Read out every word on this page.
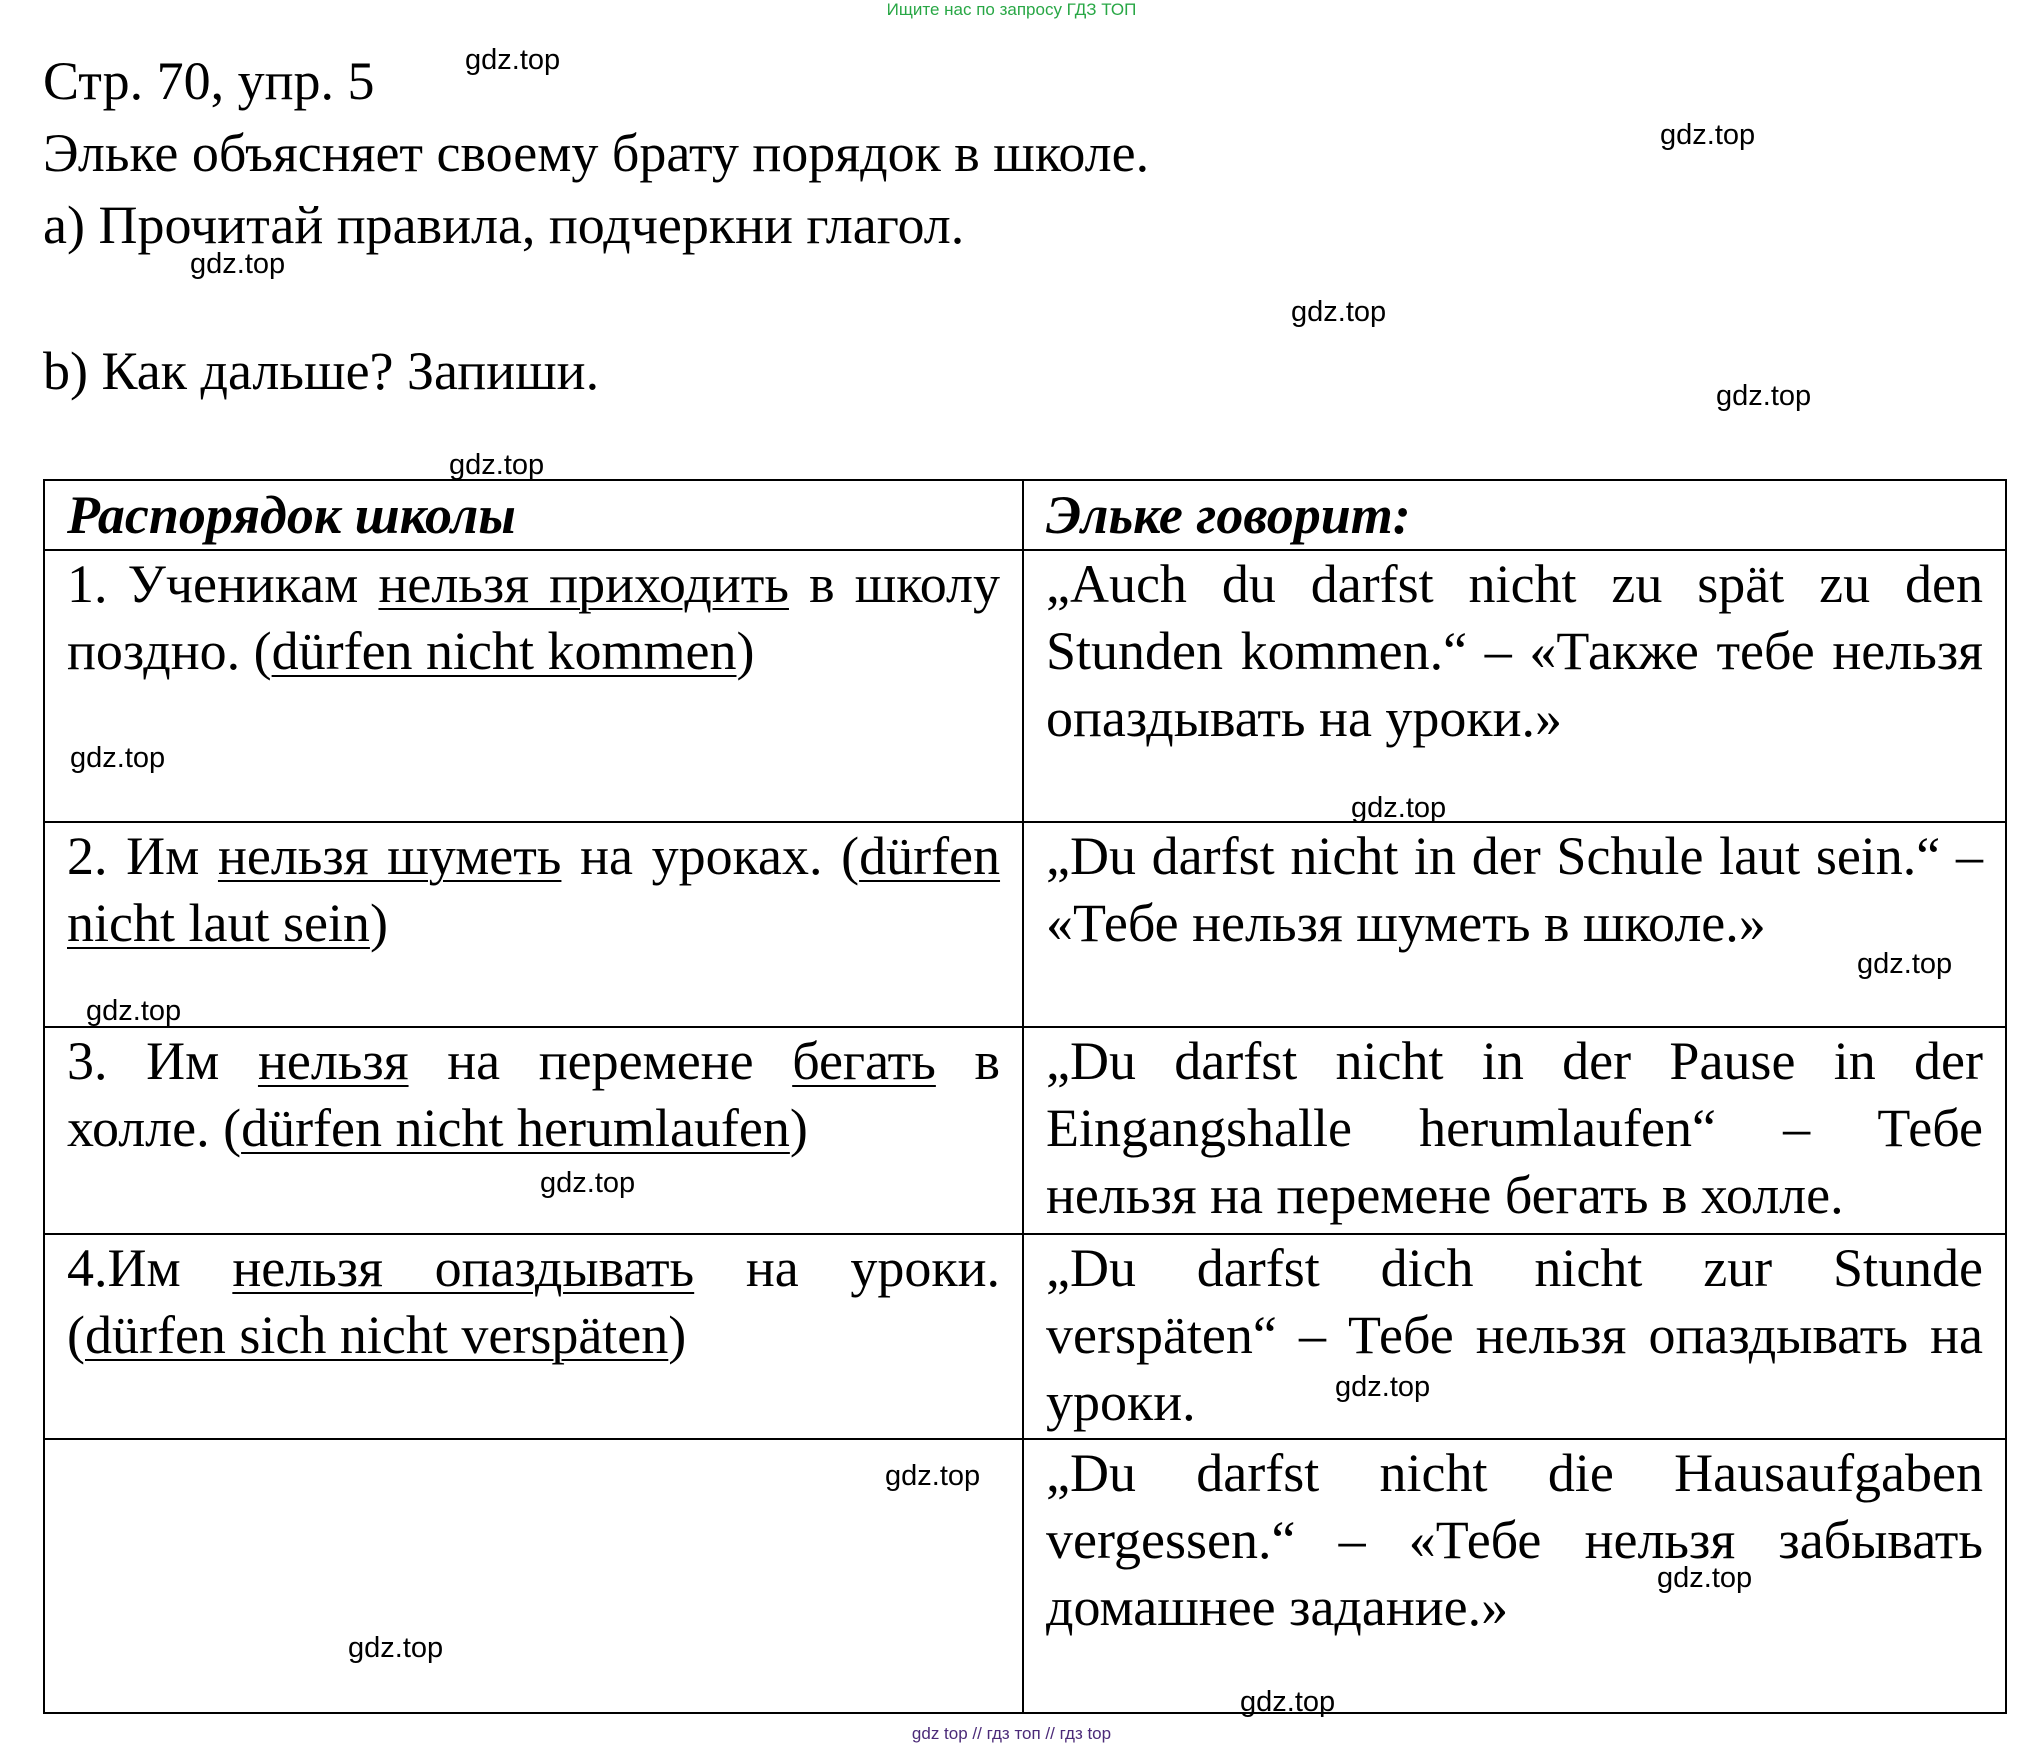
Ищите нас по запросу ГДЗ ТОП
Стр. 70, упр. 5
Эльке объясняет своему брату порядок в школе.
a) Прочитай правила, подчеркни глагол.
b) Как дальше? Запиши.
Распорядок школы	Эльке говорит:
1. Ученикам нельзя приходить в школу поздно. (dürfen nicht kommen)	„Auch du darfst nicht zu spät zu den Stunden kommen.“ – «Также тебе нельзя опаздывать на уроки.»
2. Им нельзя шуметь на уроках. (dürfen nicht laut sein)	„Du darfst nicht in der Schule laut sein.“ – «Тебе нельзя шуметь в школе.»
3. Им нельзя на перемене бегать в холле. (dürfen nicht herumlaufen)	„Du darfst nicht in der Pause in der Eingangshalle herumlaufen“ – Тебе нельзя на перемене бегать в холле.
4.Им нельзя опаздывать на уроки. (dürfen sich nicht verspäten)	„Du darfst dich nicht zur Stunde verspäten“ – Тебе нельзя опаздывать на уроки.
	„Du darfst nicht die Hausaufgaben vergessen.“ – «Тебе нельзя забывать домашнее задание.»
gdz.top
gdz.top
gdz.top
gdz.top
gdz.top
gdz.top
gdz.top
gdz.top
gdz.top
gdz.top
gdz.top
gdz.top
gdz.top
gdz.top
gdz.top
gdz.top
gdz top // гдз топ // гдз top
